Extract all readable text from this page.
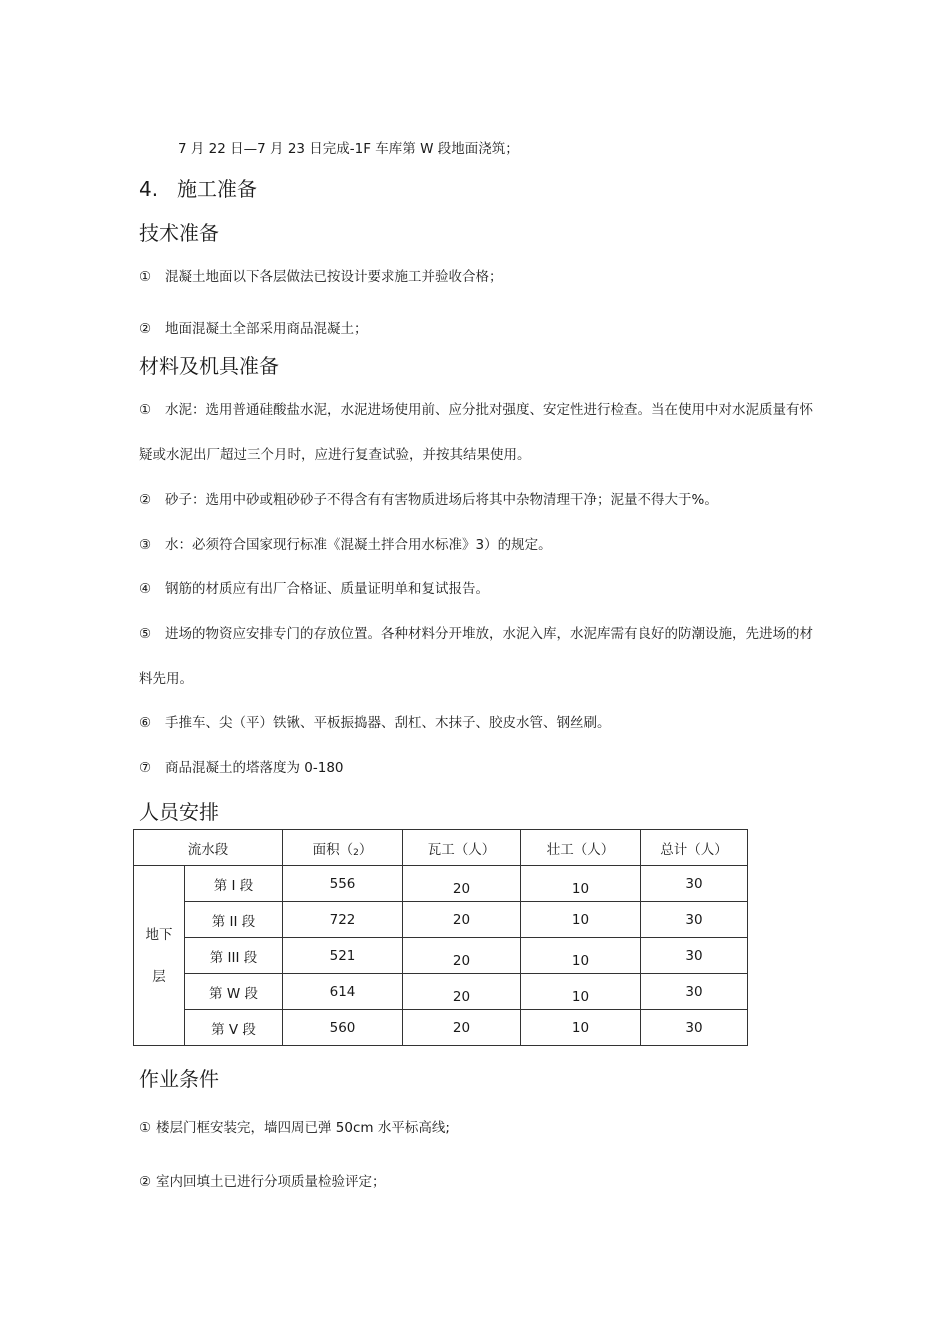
7 月 22 日—7 月 23 日完成-1F 车库第 W 段地面浇筑；
4. 施工准备
技术准备
① 混凝土地面以下各层做法已按设计要求施工并验收合格；
② 地面混凝土全部采用商品混凝土；
材料及机具准备
① 水泥：选用普通硅酸盐水泥，水泥进场使用前、应分批对强度、安定性进行检查。当在使用中对水泥质量有怀
疑或水泥出厂超过三个月时，应进行复查试验，并按其结果使用。
② 砂子：选用中砂或粗砂砂子不得含有有害物质进场后将其中杂物清理干净；泥量不得大于%。
③ 水：必须符合国家现行标准《混凝土拌合用水标准》3）的规定。
④ 钢筋的材质应有出厂合格证、质量证明单和复试报告。
⑤ 进场的物资应安排专门的存放位置。各种材料分开堆放，水泥入库，水泥库需有良好的防潮设施，先进场的材
料先用。
⑥ 手推车、尖（平）铁锹、平板振捣器、刮杠、木抹子、胶皮水管、钢丝刷。
⑦ 商品混凝土的塔落度为 0-180
人员安排
流水段		面积（2）	瓦工（人）	壮工（人）	总计（人）

地下
层	第 I 段	556	20	10	30
	第 II 段	722	20	10	30
	第 III 段	521	20	10	30
	第 W 段	614	20	10	30
	第 V 段	560	20	10	30
作业条件
① 楼层门框安装完，墙四周已弹 50cm 水平标高线;
② 室内回填土已进行分项质量检验评定；
